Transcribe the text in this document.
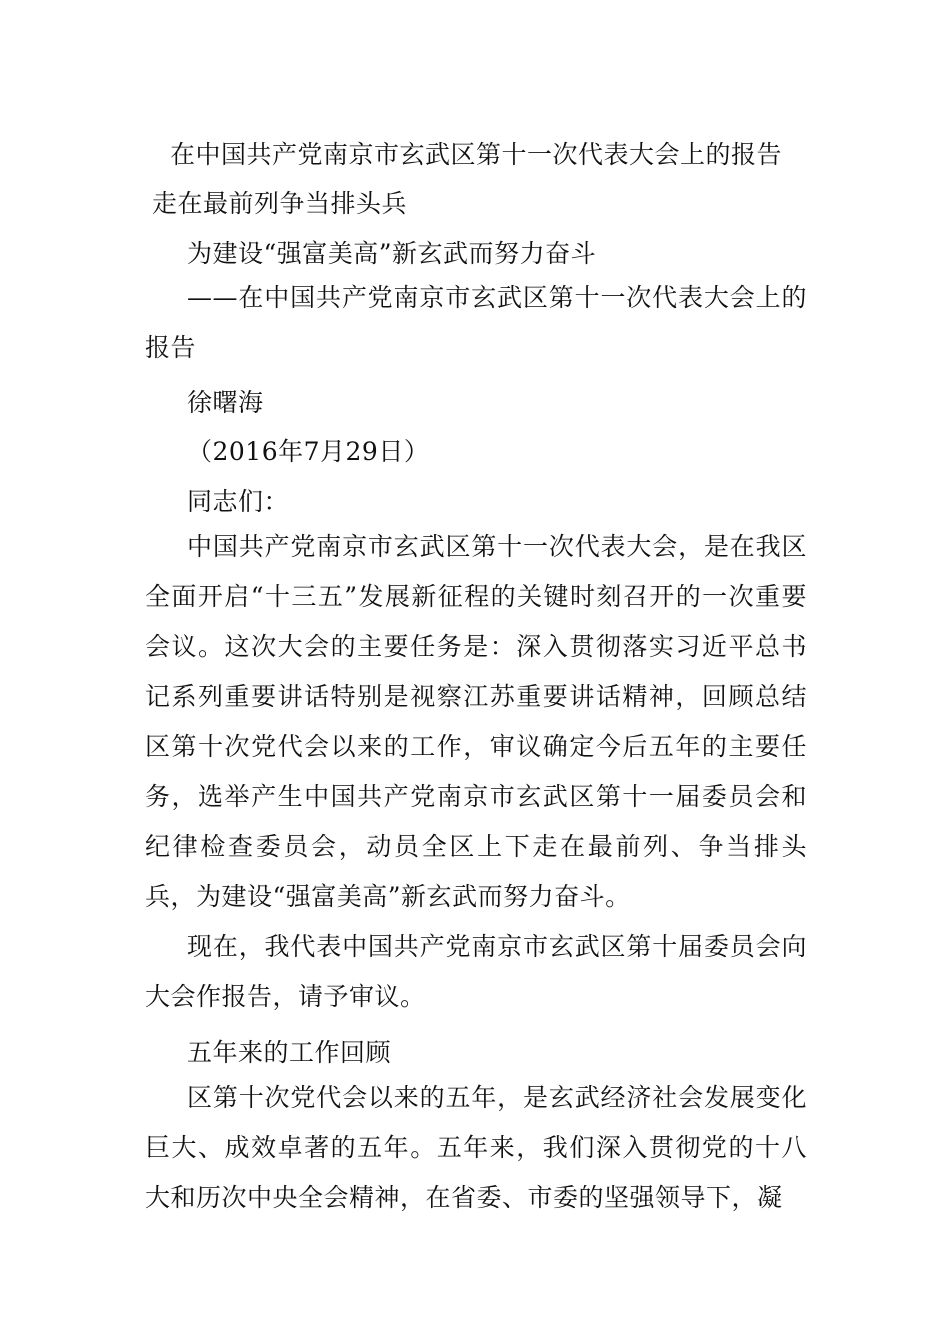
在中国共产党南京市玄武区第十一次代表大会上的报告
走在最前列争当排头兵
为建设“强富美高”新玄武而努力奋斗
——在中国共产党南京市玄武区第十一次代表大会上的报告
徐曙海
（2016年7月29日）
同志们：
中国共产党南京市玄武区第十一次代表大会，是在我区全面开启“十三五”发展新征程的关键时刻召开的一次重要会议。这次大会的主要任务是：深入贯彻落实习近平总书记系列重要讲话特别是视察江苏重要讲话精神，回顾总结区第十次党代会以来的工作，审议确定今后五年的主要任务，选举产生中国共产党南京市玄武区第十一届委员会和纪律检查委员会，动员全区上下走在最前列、争当排头兵，为建设“强富美高”新玄武而努力奋斗。
现在，我代表中国共产党南京市玄武区第十届委员会向大会作报告，请予审议。
五年来的工作回顾
区第十次党代会以来的五年，是玄武经济社会发展变化巨大、成效卓著的五年。五年来，我们深入贯彻党的十八大和历次中央全会精神，在省委、市委的坚强领导下，凝
